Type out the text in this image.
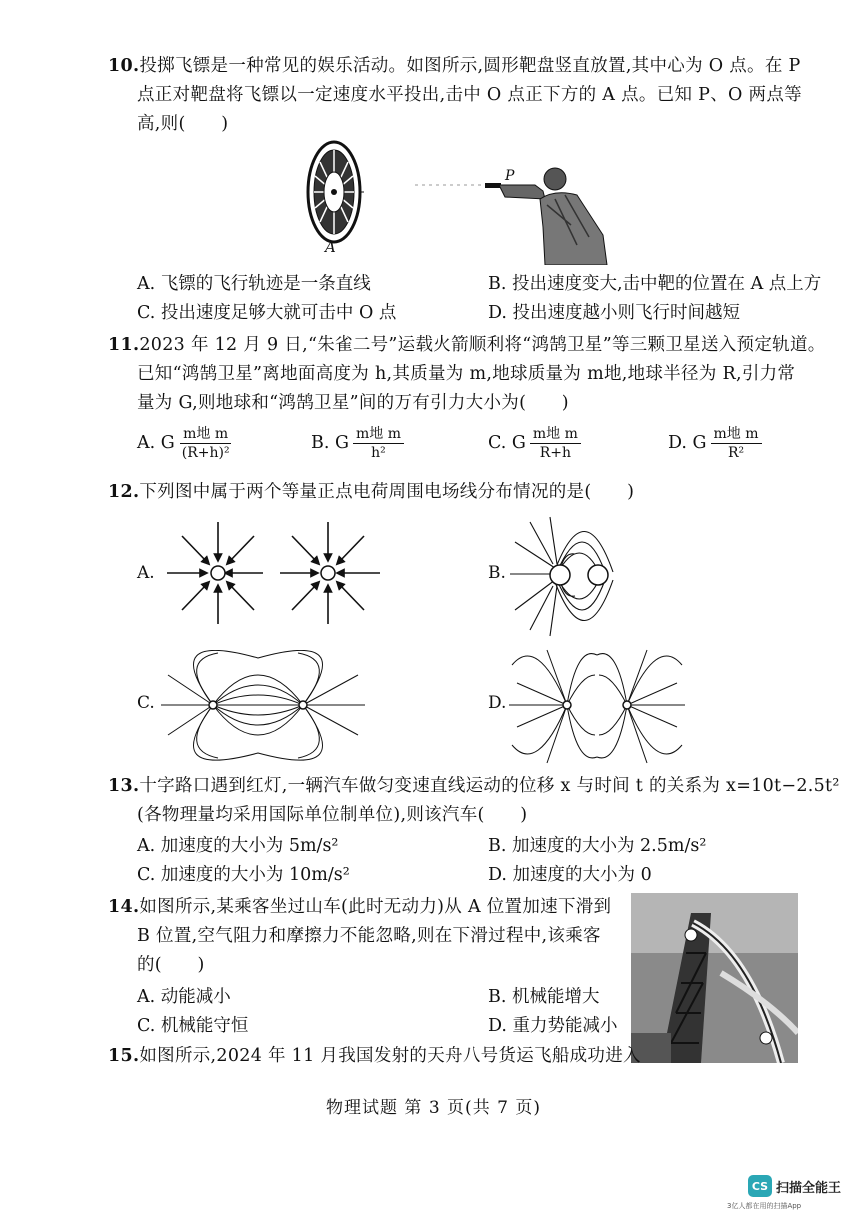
10.投掷飞镖是一种常见的娱乐活动。如图所示,圆形靶盘竖直放置,其中心为 O 点。在 P
点正对靶盘将飞镖以一定速度水平投出,击中 O 点正下方的 A 点。已知 P、O 两点等
高,则(　　)
A
P
A. 飞镖的飞行轨迹是一条直线	B. 投出速度变大,击中靶的位置在 A 点上方
C. 投出速度足够大就可击中 O 点	D. 投出速度越小则飞行时间越短
11.2023 年 12 月 9 日,“朱雀二号”运载火箭顺利将“鸿鹄卫星”等三颗卫星送入预定轨道。
已知“鸿鹄卫星”离地面高度为 h,其质量为 m,地球质量为 m地,地球半径为 R,引力常
量为 G,则地球和“鸿鹄卫星”间的万有引力大小为(　　)
A. G $\frac{\text{m地 m}}{\text{(R+h)²}}$	B. G $\frac{\text{m地 m}}{\text{h²}}$	C. G $\frac{\text{m地 m}}{R+h}$	D. G $\frac{\text{m地 m}}{\text{R²}}$
12.下列图中属于两个等量正点电荷周围电场线分布情况的是(　　)
A.	B.
C.	D.
13.十字路口遇到红灯,一辆汽车做匀变速直线运动的位移 x 与时间 t 的关系为 x=10t−2.5t²
(各物理量均采用国际单位制单位),则该汽车(　　)
A. 加速度的大小为 5m/s²	B. 加速度的大小为 2.5m/s²
C. 加速度的大小为 10m/s²	D. 加速度的大小为 0
14.如图所示,某乘客坐过山车(此时无动力)从 A 位置加速下滑到
B 位置,空气阻力和摩擦力不能忽略,则在下滑过程中,该乘客
的(　　)
A. 动能减小	B. 机械能增大
C. 机械能守恒	D. 重力势能减小
15.如图所示,2024 年 11 月我国发射的天舟八号货运飞船成功进入
物理试题 第 3 页(共 7 页)
CS 扫描全能王
3亿人都在用的扫描App
